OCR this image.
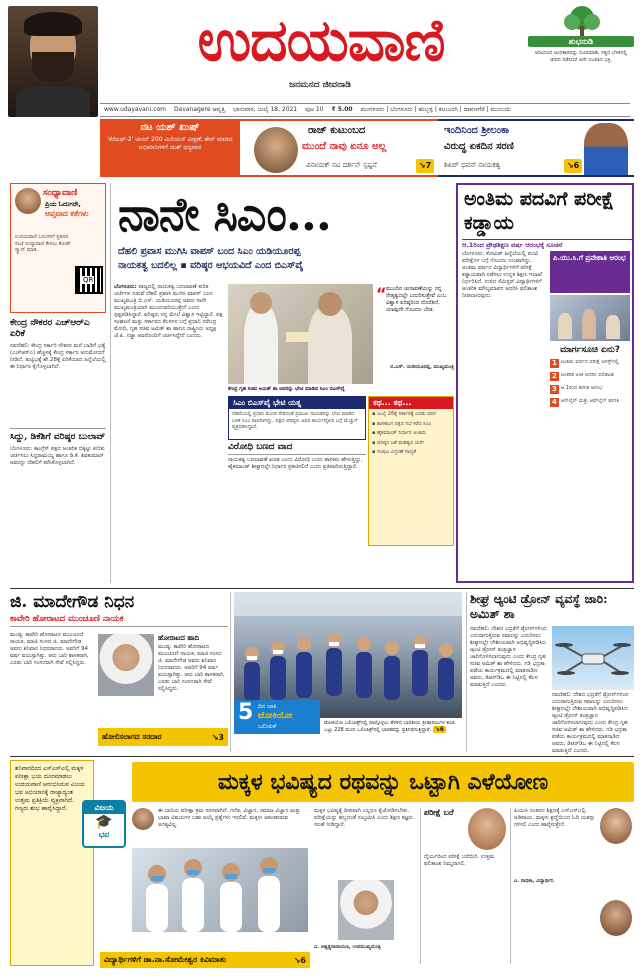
ಉದಯವಾಣಿ
ಜನಮನದ ಜೀವನಾಡಿ
ಶುಭನುಡಿ
ಅರಿವಿನಿಂದ ಅಂಧಕಾರವನ್ನು ದೂರಮಾಡಿ, ಸತ್ಯದ ಬೆಳಕಿನಲ್ಲಿ ಜೀವನ ನಡೆಸಿದರೆ ಅದೇ ನಿಜವಾದ ಭಕ್ತಿ.
www.udayavani.com Davanagere ಆವೃತ್ತಿ ಭಾನುವಾರ, ಜುಲೈ 18, 2021 ಪುಟ 10 ₹ 5.00 ಮಂಗಳೂರು | ಬೆಂಗಳೂರು | ಹುಬ್ಬಳ್ಳಿ | ಕಲಬುರಗಿ | ದಾವಣಗೆರೆ | ಮುಂಬಯಿ
ನಟ ಯಶ್ ಖುಷ್
'ಕೆಜಿಎಫ್-2' ಟೀಸರ್ 200 ಮಿಲಿಯನ್ ವೀಕ್ಷಣೆ; ಶೇರ್ ಮಾಡಿದ ಅಭಿಮಾನಿಗಳಿಗೆ ಯಶ್ ಧನ್ಯವಾದ
ರಾಜ್ ಕುಟುಂಬದ
ಮುಂದೆ ನಾವು ಏನೂ ಅಲ್ಲ
ವಿನಾಯಕ್ ನಟ ದರ್ಶನ್ ಸ್ಪಷ್ಟನೆ	↘7
ಇಂದಿನಿಂದ ಶ್ರೀಲಂಕಾ
ವಿರುದ್ಧ ಏಕದಿನ ಸರಣಿ
ಶಿಖರ್ ಧವನ್ ನಾಯಕತ್ವ	↘6
ಸಂಧ್ಯಾವಾಣಿ
ಪ್ರಿಯ ಓದುಗರೇ,
ಆಪ್ತವಾದ ಕತೆಗಳು
ಉದಯವಾಣಿ ಓದುಗರಿಗೆ ಪ್ರತಿದಿನ ಸಂಜೆ ಸಂಧ್ಯಾವಾಣಿ ಕೇಳಲು ಕೋಡ್ ಸ್ಕ್ಯಾನ್ ಮಾಡಿ.
QR
ಕೇಂದ್ರ ನೌಕರರ ಎಚ್‌ಆರ್‌ಎ ಏರಿಕೆ
ನವದೆಹಲಿ: ಕೇಂದ್ರ ಸರ್ಕಾರಿ ನೌಕರರ ಮನೆ ಬಾಡಿಗೆ ಭತ್ಯೆ (ಎಚ್‌ಆರ್‌ಎ) ಹೆಚ್ಚಳಕ್ಕೆ ಕೇಂದ್ರ ಸರ್ಕಾರ ಅನುಮೋದನೆ ನೀಡಿದೆ. ತುಟ್ಟಿಭತ್ಯೆ ಶೇ.28ಕ್ಕೆ ಏರಿಕೆಯಾದ ಹಿನ್ನೆಲೆಯಲ್ಲಿ ಈ ನಿರ್ಧಾರ ಕೈಗೊಳ್ಳಲಾಗಿದೆ.
ಸಿದ್ದು, ಡಿಕೆಶಿಗೆ ವರಿಷ್ಠರ ಬುಲಾವ್
ಬೆಂಗಳೂರು: ಕಾಂಗ್ರೆಸ್ ಪಕ್ಷದ ಆಂತರಿಕ ಬಿಕ್ಕಟ್ಟು ಕುರಿತು ಚರ್ಚಿಸಲು ಸಿದ್ದರಾಮಯ್ಯ ಹಾಗೂ ಡಿ.ಕೆ. ಶಿವಕುಮಾರ್ ಅವರನ್ನು ದೆಹಲಿಗೆ ಕರೆಸಿಕೊಳ್ಳಲಾಗಿದೆ.
ನಾನೇ ಸಿಎಂ...
ದೆಹಲಿ ಪ್ರವಾಸ ಮುಗಿಸಿ ವಾಪಸ್ ಬಂದ ಸಿಎಂ ಯಡಿಯೂರಪ್ಪ
ನಾಯಕತ್ವ ಬದಲಿಲ್ಲ ▪ ವರಿಷ್ಠರ ಅಭಯವಿದೆ ಎಂದ ಬಿಎಸ್‌ವೈ
ಬೆಂಗಳೂರು: ರಾಜ್ಯದಲ್ಲಿ ನಾಯಕತ್ವ ಬದಲಾವಣೆ ಕುರಿತ ಚರ್ಚೆಗಳ ನಡುವೆ ದೆಹಲಿ ಪ್ರವಾಸ ಮುಗಿಸಿ ವಾಪಸ್ ಬಂದ ಮುಖ್ಯಮಂತ್ರಿ ಬಿ.ಎಸ್. ಯಡಿಯೂರಪ್ಪ ಅವರು ನಾನೇ ಮುಖ್ಯಮಂತ್ರಿಯಾಗಿ ಮುಂದುವರಿಯುತ್ತೇನೆ ಎಂದು ಸ್ಪಷ್ಟಪಡಿಸಿದ್ದಾರೆ. ವರಿಷ್ಠರು ನನ್ನ ಮೇಲೆ ವಿಶ್ವಾಸ ಇಟ್ಟಿದ್ದಾರೆ. ಪಕ್ಷ ಸಂಘಟನೆ ಮತ್ತು ಸರ್ಕಾರದ ಕೆಲಸಗಳ ಬಗ್ಗೆ ಪ್ರಧಾನಿ ನರೇಂದ್ರ ಮೋದಿ, ಗೃಹ ಸಚಿವ ಅಮಿತ್ ಶಾ ಹಾಗೂ ರಾಷ್ಟ್ರೀಯ ಅಧ್ಯಕ್ಷ ಜೆ.ಪಿ. ನಡ್ಡಾ ಅವರೊಂದಿಗೆ ಚರ್ಚಿಸಿದ್ದೇನೆ ಎಂದರು.
ಕೇಂದ್ರ ಗೃಹ ಸಚಿವ ಅಮಿತ್ ಶಾ ಅವರನ್ನು ಭೇಟಿ ಮಾಡಿದ ಸಿಎಂ ಬಿಎಸ್‌ವೈ
“ ಮುಂದಿನ ಚುನಾವಣೆಯನ್ನು ನನ್ನ ನೇತೃತ್ವದಲ್ಲೇ ಎದುರಿಸುತ್ತೇವೆ ಎಂಬ ವಿಶ್ವಾಸ ವರಿಷ್ಠರಿಂದ ದೊರೆತಿದೆ. ಯಾವುದೇ ಗೊಂದಲ ಬೇಡ.
ಬಿ.ಎಸ್. ಯಡಿಯೂರಪ್ಪ, ಮುಖ್ಯಮಂತ್ರಿ
ಸಿಎಂ ಬಿಎಸ್‌ವೈ ಭೇಟಿ ಯತ್ನ
ದೆಹಲಿಯಲ್ಲಿ ಪ್ರಧಾನಿ ಮೋದಿ ಸೇರಿದಂತೆ ಪ್ರಮುಖ ನಾಯಕರನ್ನು ಭೇಟಿ ಮಾಡಿದ ಬಳಿಕ ಸಿಎಂ ವಾಪಸಾಗಿದ್ದು, ಪಕ್ಷದ ವರಿಷ್ಠರು ಅವರ ಕಾರ್ಯವೈಖರಿ ಬಗ್ಗೆ ಮೆಚ್ಚುಗೆ ವ್ಯಕ್ತಪಡಿಸಿದ್ದಾರೆ.
ವಿರೋಧಿ ಬಣದ ವಾದ
ನಾಯಕತ್ವ ಬದಲಾವಣೆ ಖಚಿತ ಎಂದು ವಿರೋಧಿ ಬಣದ ಶಾಸಕರು ಹೇಳುತ್ತಿದ್ದು, ಹೈಕಮಾಂಡ್ ಶೀಘ್ರದಲ್ಲೇ ನಿರ್ಧಾರ ಪ್ರಕಟಿಸಲಿದೆ ಎಂದು ಪ್ರತಿಪಾದಿಸುತ್ತಿದ್ದಾರೆ.
ಕಥ... ಕಥ...
▪ ಜುಲೈ 26ಕ್ಕೆ ಸರ್ಕಾರಕ್ಕೆ ಎರಡು ವರ್ಷ
▪ ಶಾಸಕಾಂಗ ಪಕ್ಷದ ಸಭೆ ಕರೆದ ಸಿಎಂ
▪ ಹೈಕಮಾಂಡ್ ನಿರ್ಧಾರ ಅಂತಿಮ
▪ ವರಿಷ್ಠರ ಜತೆ ಮಹತ್ವದ ಚರ್ಚೆ
▪ ಸಂಪುಟ ವಿಸ್ತರಣೆ ಸಾಧ್ಯತೆ
ಅಂತಿಮ ಪದವಿಗೆ ಪರೀಕ್ಷೆ ಕಡ್ಡಾಯ
ಆ.1ರಿಂದ ಪ್ರೌಢಶಿಕ್ಷಣ ವರ್ಷ ಆರಂಭಕ್ಕೆ ಸೂಚನೆ
ಬೆಂಗಳೂರು: ಕೋವಿಡ್ ಹಿನ್ನೆಲೆಯಲ್ಲಿ ಪದವಿ ಪರೀಕ್ಷೆಗಳ ಬಗ್ಗೆ ಗೊಂದಲ ಉಂಟಾಗಿದ್ದು, ಅಂತಿಮ ವರ್ಷದ ವಿದ್ಯಾರ್ಥಿಗಳಿಗೆ ಪರೀಕ್ಷೆ ಕಡ್ಡಾಯವಾಗಿ ನಡೆಸಲು ಉನ್ನತ ಶಿಕ್ಷಣ ಇಲಾಖೆ ನಿರ್ಧರಿಸಿದೆ. ಉಳಿದ ಸೆಮಿಸ್ಟರ್ ವಿದ್ಯಾರ್ಥಿಗಳಿಗೆ ಆಂತರಿಕ ಮೌಲ್ಯಮಾಪನ ಆಧರಿಸಿ ಫಲಿತಾಂಶ ನೀಡಲಾಗುವುದು.
ಪಿ.ಯು.ಸಿ.ಗೆ ಪ್ರವೇಶಾತಿ ಆರಂಭ
ಮಾರ್ಗಸೂಚಿ ಏನು?
1 ಅಂತಿಮ ವರ್ಷದ ಪರೀಕ್ಷೆ ಆಗಸ್ಟ್‌ನಲ್ಲಿ
2 ಆಂತರಿಕ ಅಂಕ ಆಧರಿಸಿ ಫಲಿತಾಂಶ
3 ಆ.1ರಿಂದ ತರಗತಿ ಆರಂಭ
4 ಆನ್‌ಲೈನ್ ಮತ್ತು ಆಫ್‌ಲೈನ್ ತರಗತಿ
ಜಿ. ಮಾದೇಗೌಡ ನಿಧನ
ಕಾವೇರಿ ಹೋರಾಟದ ಮುಂಚೂಣಿ ನಾಯಕ
ಮಂಡ್ಯ: ಕಾವೇರಿ ಹೋರಾಟದ ಮುಂಚೂಣಿ ನಾಯಕ, ಮಾಜಿ ಸಂಸದ ಜಿ. ಮಾದೇಗೌಡ ಅವರು ಶನಿವಾರ ನಿಧನರಾದರು. ಅವರಿಗೆ 94 ವರ್ಷ ವಯಸ್ಸಾಗಿತ್ತು. ಆರು ಬಾರಿ ಶಾಸಕರಾಗಿ, ಎರಡು ಬಾರಿ ಸಂಸದರಾಗಿ ಸೇವೆ ಸಲ್ಲಿಸಿದ್ದರು.
ಹೋರಾಟದ ಹಾದಿ
ಮಂಡ್ಯ: ಕಾವೇರಿ ಹೋರಾಟದ ಮುಂಚೂಣಿ ನಾಯಕ, ಮಾಜಿ ಸಂಸದ ಜಿ. ಮಾದೇಗೌಡ ಅವರು ಶನಿವಾರ ನಿಧನರಾದರು. ಅವರಿಗೆ 94 ವರ್ಷ ವಯಸ್ಸಾಗಿತ್ತು. ಆರು ಬಾರಿ ಶಾಸಕರಾಗಿ, ಎರಡು ಬಾರಿ ಸಂಸದರಾಗಿ ಸೇವೆ ಸಲ್ಲಿಸಿದ್ದರು.
ಹೋಲಿಸಲಾಗದ ಸರದಾರ	↘3
5 ದಿನ ಬಾಕಿ
ಟೋಕಿಯೋ
ಒಲಿಂಪಿಕ್	ಟೋಕಿಯೋ ಒಲಿಂಪಿಕ್ಸ್‌ನಲ್ಲಿ ಪಾಲ್ಗೊಳ್ಳಲು ತೆರಳಿದ ಭಾರತೀಯ ಕ್ರೀಡಾಪಟುಗಳ ತಂಡ. ಒಟ್ಟು 228 ಮಂದಿ ಒಲಿಂಪಿಕ್ಸ್‌ನಲ್ಲಿ ಭಾರತವನ್ನು ಪ್ರತಿನಿಧಿಸುತ್ತಿದ್ದಾರೆ. ↘6
ಶೀಘ್ರ ಆ್ಯಂಟಿ ಡ್ರೋನ್ ವ್ಯವಸ್ಥೆ ಜಾರಿ: ಅಮಿತ್ ಶಾ
ನವದೆಹಲಿ: ದೇಶದ ಭದ್ರತೆಗೆ ಡ್ರೋನ್‌ಗಳಿಂದ ಎದುರಾಗುತ್ತಿರುವ ಸವಾಲನ್ನು ಎದುರಿಸಲು ಶೀಘ್ರದಲ್ಲೇ ದೇಶೀಯವಾಗಿ ಅಭಿವೃದ್ಧಿಪಡಿಸಿದ ಆ್ಯಂಟಿ ಡ್ರೋನ್ ತಂತ್ರಜ್ಞಾನ ಜಾರಿಗೊಳಿಸಲಾಗುವುದು ಎಂದು ಕೇಂದ್ರ ಗೃಹ ಸಚಿವ ಅಮಿತ್ ಶಾ ಹೇಳಿದರು. ಗಡಿ ಭದ್ರತಾ ಪಡೆಯ ಕಾರ್ಯಕ್ರಮದಲ್ಲಿ ಮಾತನಾಡಿದ ಅವರು, ಡಿಆರ್‌ಡಿಒ ಈ ನಿಟ್ಟಿನಲ್ಲಿ ಕೆಲಸ ಮಾಡುತ್ತಿದೆ ಎಂದರು.
ನವದೆಹಲಿ: ದೇಶದ ಭದ್ರತೆಗೆ ಡ್ರೋನ್‌ಗಳಿಂದ ಎದುರಾಗುತ್ತಿರುವ ಸವಾಲನ್ನು ಎದುರಿಸಲು ಶೀಘ್ರದಲ್ಲೇ ದೇಶೀಯವಾಗಿ ಅಭಿವೃದ್ಧಿಪಡಿಸಿದ ಆ್ಯಂಟಿ ಡ್ರೋನ್ ತಂತ್ರಜ್ಞಾನ ಜಾರಿಗೊಳಿಸಲಾಗುವುದು ಎಂದು ಕೇಂದ್ರ ಗೃಹ ಸಚಿವ ಅಮಿತ್ ಶಾ ಹೇಳಿದರು. ಗಡಿ ಭದ್ರತಾ ಪಡೆಯ ಕಾರ್ಯಕ್ರಮದಲ್ಲಿ ಮಾತನಾಡಿದ ಅವರು, ಡಿಆರ್‌ಡಿಒ ಈ ನಿಟ್ಟಿನಲ್ಲಿ ಕೆಲಸ ಮಾಡುತ್ತಿದೆ ಎಂದರು.
ಶನಿವಾರದಿಂದ ಎಸ್ಎಸ್ಎಲ್ಸಿ ಮಕ್ಕಳ ಪರೀಕ್ಷಾ ಭಯ ದೂರಮಾಡಲು ಉದಯವಾಣಿ ಆರಂಭಿಸಿರುವ ವಿಜಯ ಭವ ಅಭಿಯಾನಕ್ಕೆ ರಾಜ್ಯಾದ್ಯಂತ ಉತ್ತಮ ಪ್ರತಿಕ್ರಿಯೆ ವ್ಯಕ್ತವಾಗಿದೆ. ಗಣ್ಯರು ಶುಭ ಹಾರೈಸಿದ್ದಾರೆ.	ವಿಜಯ
🎓
ಭವ
ಮಕ್ಕಳ ಭವಿಷ್ಯದ ರಥವನ್ನು ಒಟ್ಟಾಗಿ ಎಳೆಯೋಣ
ಈ ಬಾರಿಯ ಪರೀಕ್ಷಾ ಕ್ರಮ ಸರಳವಾಗಿದೆ. ಗಣಿತ, ವಿಜ್ಞಾನ, ಸಮಾಜ ವಿಜ್ಞಾನ ಮತ್ತು ಭಾಷಾ ವಿಷಯಗಳ ಬಹು ಆಯ್ಕೆ ಪ್ರಶ್ನೆಗಳು ಇರಲಿವೆ. ಮಕ್ಕಳು ಆತಂಕಪಡುವ ಅಗತ್ಯವಿಲ್ಲ.
ವಿದ್ಯಾರ್ಥಿಗಳಿಗೆ ಡಾ.ನಾ.ಸೋಮೇಶ್ವರ ಕಿವಿಮಾತು	↘6
ಮಕ್ಕಳ ಭವಿಷ್ಯಕ್ಕೆ ದೀಪವಾಗಿ ಎಲ್ಲರೂ ಕೈಜೋಡಿಸಬೇಕು. ಪರೀಕ್ಷೆಯನ್ನು ಹಬ್ಬದಂತೆ ಸಂಭ್ರಮಿಸಿ ಎಂದು ಶಿಕ್ಷಣ ತಜ್ಞರು ಸಲಹೆ ನೀಡಿದ್ದಾರೆ.
ವಿ. ಅಶ್ವತ್ಥನಾರಾಯಣ, ಉಪಮುಖ್ಯಮಂತ್ರಿ
ಪರೀಕ್ಷೆ ಬರೆ
ಧೈರ್ಯದಿಂದ ಪರೀಕ್ಷೆ ಬರೆಯಿರಿ. ಉತ್ತಮ ಫಲಿತಾಂಶ ನಿಮ್ಮದಾಗಲಿ.
ಪಿಯುಸಿ ನಂತರದ ಶಿಕ್ಷಣಕ್ಕೆ ಎಸ್ಎಸ್ಎಲ್ಸಿ ಅಡಿಪಾಯ. ಮಕ್ಕಳು ಶ್ರದ್ಧೆಯಿಂದ ಓದಿ ಯಶಸ್ಸು ಗಳಿಸಲಿ ಎಂದು ಹಾರೈಸುತ್ತೇನೆ.
ಎ. ರಾಧಿಕಾ, ವಿದ್ಯಾರ್ಥಿನಿ
